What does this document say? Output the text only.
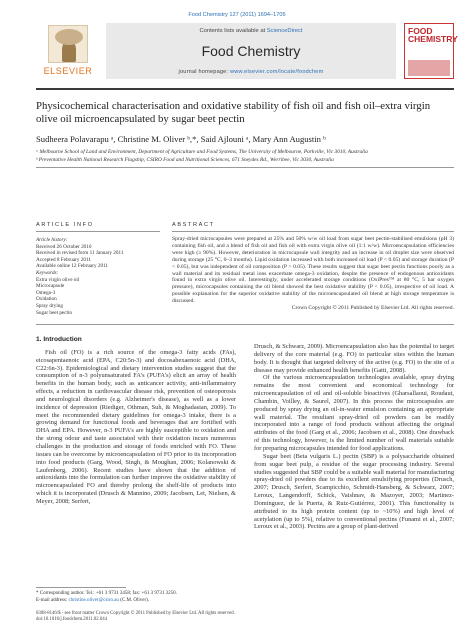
Food Chemistry 127 (2011) 1694–1705
ELSEVIER
Contents lists available at ScienceDirect
Food Chemistry
journal homepage: www.elsevier.com/locate/foodchem
FOOD CHEMISTRY
Physicochemical characterisation and oxidative stability of fish oil and fish oil–extra virgin olive oil microencapsulated by sugar beet pectin
Sudheera Polavarapu ᵃ, Christine M. Oliver ᵇ,*, Said Ajlouni ᵃ, Mary Ann Augustin ᵇ
ᵃ Melbourne School of Land and Environment, Department of Agriculture and Food Systems, The University of Melbourne, Parkville, Vic 3010, Australia
ᵇ Preventative Health National Research Flagship, CSIRO Food and Nutritional Sciences, 671 Sneydes Rd., Werribee, Vic 3030, Australia
ARTICLE INFO	ABSTRACT
Article history:
Received 26 October 2010
Received in revised form 11 January 2011
Accepted 8 February 2011
Available online 12 February 2011
Keywords:
Extra virgin olive oil
Microcapsule
Omega-3
Oxidation
Spray drying
Sugar beet pectin
Spray-dried microcapsules were prepared at 25% and 50% w/w oil load from sugar beet pectin-stabilised emulsions (pH 3) containing fish oil, and a blend of fish oil and fish oil with extra virgin olive oil (1:1 w/w). Microencapsulation efficiencies were high (≥ 90%). However, deterioration in microcapsule wall integrity and an increase in oil droplet size were observed during storage (25 °C, 0–3 months). Lipid oxidation increased with both increased oil load (P < 0.05) and storage duration (P < 0.05), but was independent of oil composition (P > 0.05). These results suggest that sugar beet pectin functions poorly as a wall material and its residual metal ions exacerbate omega-3 oxidation, despite the presence of endogenous antioxidants found in extra virgin olive oil. Interestingly, under accelerated storage conditions (OxiPres™ at 80 °C, 5 bar oxygen pressure), microcapsules containing the oil blend showed the best oxidative stability (P < 0.05), irrespective of oil load. A possible explanation for the superior oxidative stability of the microencapsulated oil blend at high storage temperature is discussed.
Crown Copyright © 2011 Published by Elsevier Ltd. All rights reserved.
1. Introduction
Fish oil (FO) is a rich source of the omega-3 fatty acids (FAs), eicosapentaenoic acid (EPA, C20:5n-3) and docosahexaenoic acid (DHA, C22:6n-3). Epidemiological and dietary intervention studies suggest that the consumption of n-3 polyunsaturated FA's (PUFA's) elicit an array of health benefits in the human body, such as anticancer activity, anti-inflammatory effects, a reduction in cardiovascular disease risk, prevention of osteoporosis and neurological disorders (e.g. Alzheimer's disease), as well as a lower incidence of depression (Riediger, Othman, Suh, & Moghadasian, 2009). To meet the recommended dietary guidelines for omega-3 intake, there is a growing demand for functional foods and beverages that are fortified with DHA and EPA. However, n-3 PUFA's are highly susceptible to oxidation and the strong odour and taste associated with their oxidation incurs numerous challenges in the production and storage of foods enriched with FO. These issues can be overcome by microencapsulation of FO prior to its incorporation into food products (Garg, Wood, Singh, & Moughan, 2006; Kolanowski & Laufenberg, 2006). Recent studies have shown that the addition of antioxidants into the formulation can further improve the oxidative stability of microencapsulated FO and thereby prolong the shelf-life of products into which it is incorporated (Drusch & Mannino, 2009; Jacobsen, Let, Nielsen, & Meyer, 2008; Serfert,
Drusch, & Schwarz, 2009). Microencapsulation also has the potential to target delivery of the core material (e.g. FO) to particular sites within the human body. It is thought that targeted delivery of the active (e.g. FO) to the site of a disease may provide enhanced health benefits (Gatti, 2008).
Of the various microencapsulation technologies available, spray drying remains the most convenient and economical technology for microencapsulation of oil and oil-soluble bioactives (Gharsallaoui, Roudaut, Chambin, Voilley, & Saurel, 2007). In this process the microcapsules are produced by spray drying an oil-in-water emulsion containing an appropriate wall material. The resultant spray-dried oil powders can be readily incorporated into a range of food products without affecting the original attributes of the food (Garg et al., 2006; Jacobsen et al., 2008). One drawback of this technology, however, is the limited number of wall materials suitable for preparing microcapsules intended for food applications.
Sugar beet (Beta vulgaris L.) pectin (SBP) is a polysaccharide obtained from sugar beet pulp, a residue of the sugar processing industry. Several studies suggested that SBP could be a suitable wall material for manufacturing spray-dried oil powders due to its excellent emulsifying properties (Drusch, 2007; Drusch, Serfert, Scampicchio, Schmidt-Hansberg, & Schwarz, 2007; Leroux, Langendorff, Schick, Vaishnav, & Mazoyer, 2003; Martinez-Dominguez, de la Puerta, & Ruiz-Gutiérrez, 2001). This functionality is attributed to its high protein content (up to ~10%) and high level of acetylation (up to 5%), relative to conventional pectins (Funami et al., 2007; Leroux et al., 2003). Pectins are a group of plant-derived
* Corresponding author. Tel.: +61 3 9731 3458; fax: +61 3 9731 3250.
E-mail address: christine.oliver@csiro.au (C.M. Oliver).
0308-8146/$ - see front matter Crown Copyright © 2011 Published by Elsevier Ltd. All rights reserved.
doi:10.1016/j.foodchem.2011.02.044
